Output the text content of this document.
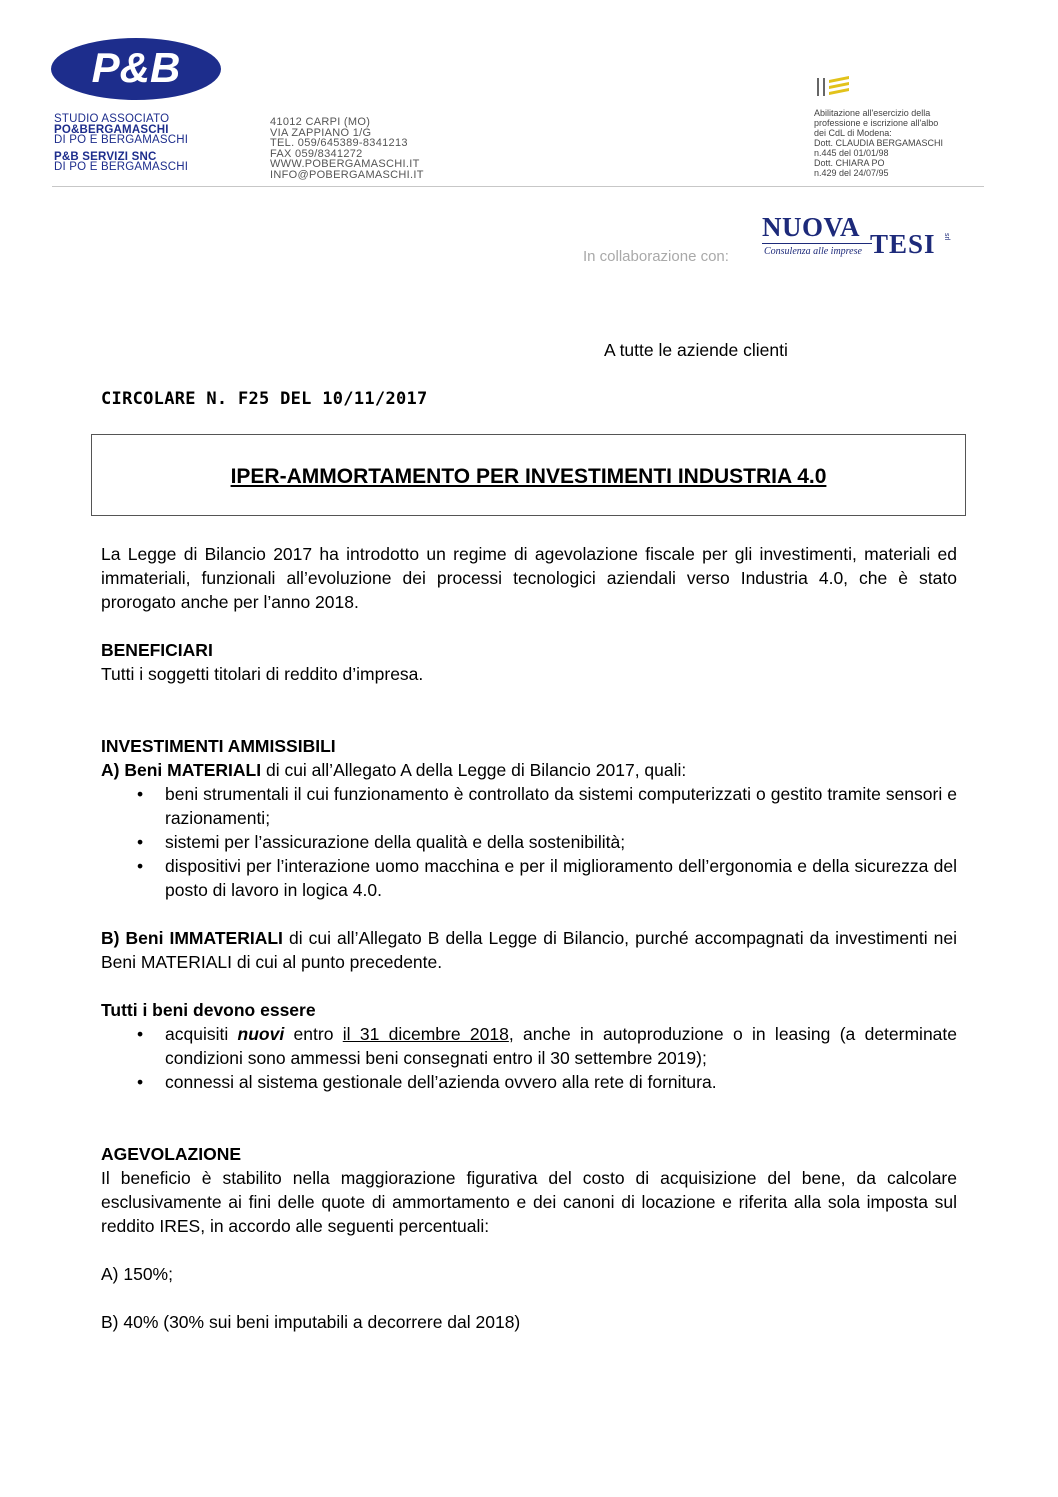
P&B
STUDIO ASSOCIATO
PO&BERGAMASCHI
DI PO E BERGAMASCHI
P&B SERVIZI SNC
DI PO E BERGAMASCHI
41012 CARPI (MO)
VIA ZAPPIANO 1/G
TEL. 059/645389-8341213
FAX 059/8341272
WWW.POBERGAMASCHI.IT
INFO@POBERGAMASCHI.IT
Abilitazione all'esercizio della
professione e iscrizione all'albo
dei CdL di Modena:
Dott. CLAUDIA BERGAMASCHI
n.445 del 01/01/98
Dott. CHIARA PO
n.429 del 24/07/95
In collaborazione con:
NUOVA
TESI srl
Consulenza alle imprese
A tutte le aziende clienti
CIRCOLARE N. F25 DEL 10/11/2017
IPER-AMMORTAMENTO PER INVESTIMENTI INDUSTRIA 4.0

La Legge di Bilancio 2017 ha introdotto un regime di agevolazione fiscale per gli investimenti, materiali ed immateriali, funzionali all’evoluzione dei processi tecnologici aziendali verso Industria 4.0, che è stato prorogato anche per l’anno 2018.

BENEFICIARI

Tutti i soggetti titolari di reddito d’impresa.

INVESTIMENTI AMMISSIBILI

A) Beni MATERIALI di cui all’Allegato A della Legge di Bilancio 2017, quali:

• beni strumentali il cui funzionamento è controllato da sistemi computerizzati o gestito tramite sensori e razionamenti;
• sistemi per l’assicurazione della qualità e della sostenibilità;
• dispositivi per l’interazione uomo macchina e per il miglioramento dell’ergonomia e della sicurezza del posto di lavoro in logica 4.0.

B) Beni IMMATERIALI di cui all’Allegato B della Legge di Bilancio, purché accompagnati da investimenti nei Beni MATERIALI di cui al punto precedente.

Tutti i beni devono essere

• acquisiti nuovi entro il 31 dicembre 2018, anche in autoproduzione o in leasing (a determinate condizioni sono ammessi beni consegnati entro il 30 settembre 2019);
• connessi al sistema gestionale dell’azienda ovvero alla rete di fornitura.

AGEVOLAZIONE

Il beneficio è stabilito nella maggiorazione figurativa del costo di acquisizione del bene, da calcolare esclusivamente ai fini delle quote di ammortamento e dei canoni di locazione e riferita alla sola imposta sul reddito IRES, in accordo alle seguenti percentuali:

A) 150%;

B) 40% (30% sui beni imputabili a decorrere dal 2018)
